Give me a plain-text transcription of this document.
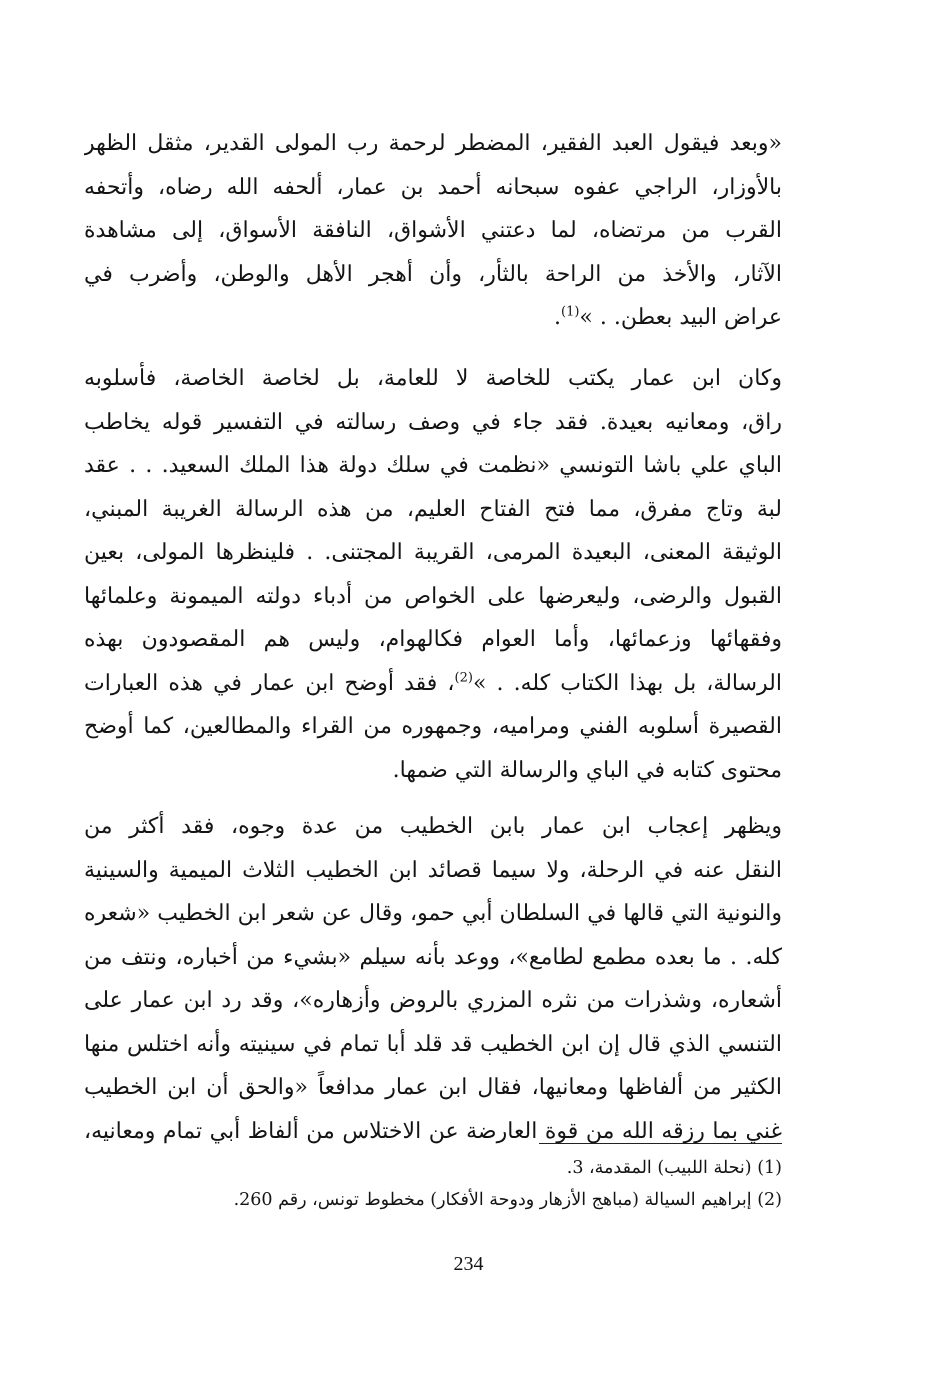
«وبعد فيقول العبد الفقير، المضطر لرحمة رب المولى القدير، مثقل الظهر
بالأوزار، الراجي عفوه سبحانه أحمد بن عمار، ألحفه الله رضاه، وأتحفه
القرب من مرتضاه، لما دعتني الأشواق، النافقة الأسواق، إلى مشاهدة
الآثار، والأخذ من الراحة بالثأر، وأن أهجر الأهل والوطن، وأضرب في
عراض البيد بعطن. . »$^{(1)}$.
وكان ابن عمار يكتب للخاصة لا للعامة، بل لخاصة الخاصة، فأسلوبه
راق، ومعانيه بعيدة. فقد جاء في وصف رسالته في التفسير قوله يخاطب
الباي علي باشا التونسي «نظمت في سلك دولة هذا الملك السعيد. . . عقد
لبة وتاج مفرق، مما فتح الفتاح العليم، من هذه الرسالة الغريبة المبني،
الوثيقة المعنى، البعيدة المرمى، القريبة المجتنى. . فلينظرها المولى، بعين
القبول والرضى، وليعرضها على الخواص من أدباء دولته الميمونة وعلمائها
وفقهائها وزعمائها، وأما العوام فكالهوام، وليس هم المقصودون بهذه
الرسالة، بل بهذا الكتاب كله. . »$^{(2)}$، فقد أوضح ابن عمار في هذه العبارات
القصيرة أسلوبه الفني ومراميه، وجمهوره من القراء والمطالعين، كما أوضح
محتوى كتابه في الباي والرسالة التي ضمها.
ويظهر إعجاب ابن عمار بابن الخطيب من عدة وجوه، فقد أكثر من
النقل عنه في الرحلة، ولا سيما قصائد ابن الخطيب الثلاث الميمية والسينية
والنونية التي قالها في السلطان أبي حمو، وقال عن شعر ابن الخطيب «شعره
كله. . ما بعده مطمع لطامع»، ووعد بأنه سيلم «بشيء من أخباره، ونتف من
أشعاره، وشذرات من نثره المزري بالروض وأزهاره»، وقد رد ابن عمار على
التنسي الذي قال إن ابن الخطيب قد قلد أبا تمام في سينيته وأنه اختلس منها
الكثير من ألفاظها ومعانيها، فقال ابن عمار مدافعاً «والحق أن ابن الخطيب
غني بما رزقه الله من قوة العارضة عن الاختلاس من ألفاظ أبي تمام ومعانيه،
(1) (نحلة اللبيب) المقدمة، 3.
(2) إبراهيم السيالة (مباهج الأزهار ودوحة الأفكار) مخطوط تونس، رقم 260.
234
